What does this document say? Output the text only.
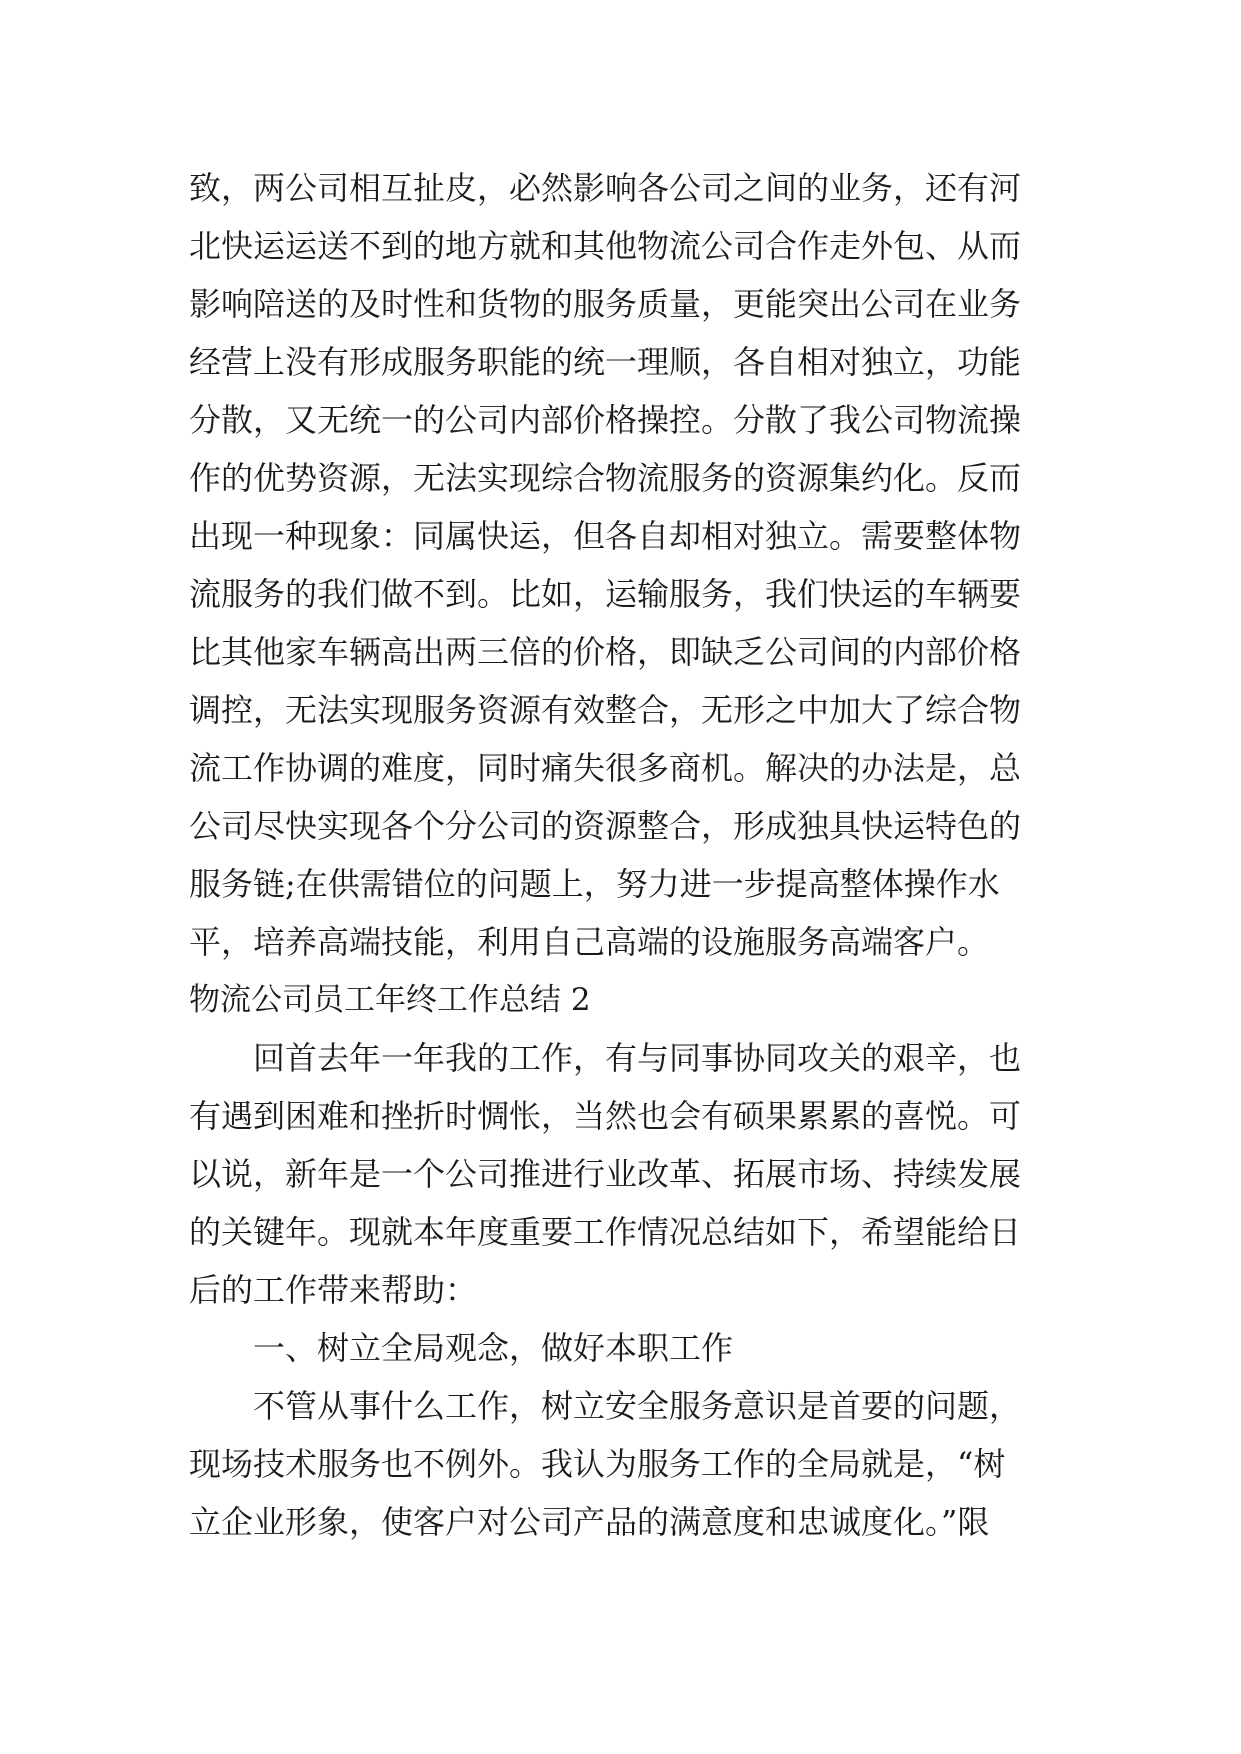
致，两公司相互扯皮，必然影响各公司之间的业务，还有河
北快运运送不到的地方就和其他物流公司合作走外包、从而
影响陪送的及时性和货物的服务质量，更能突出公司在业务
经营上没有形成服务职能的统一理顺，各自相对独立，功能
分散，又无统一的公司内部价格操控。分散了我公司物流操
作的优势资源，无法实现综合物流服务的资源集约化。反而
出现一种现象：同属快运，但各自却相对独立。需要整体物
流服务的我们做不到。比如，运输服务，我们快运的车辆要
比其他家车辆高出两三倍的价格，即缺乏公司间的内部价格
调控，无法实现服务资源有效整合，无形之中加大了综合物
流工作协调的难度，同时痛失很多商机。解决的办法是，总
公司尽快实现各个分公司的资源整合，形成独具快运特色的
服务链;在供需错位的问题上，努力进一步提高整体操作水
平，培养高端技能，利用自己高端的设施服务高端客户。
物流公司员工年终工作总结 2
回首去年一年我的工作，有与同事协同攻关的艰辛，也
有遇到困难和挫折时惆怅，当然也会有硕果累累的喜悦。可
以说，新年是一个公司推进行业改革、拓展市场、持续发展
的关键年。现就本年度重要工作情况总结如下，希望能给日
后的工作带来帮助：
一、树立全局观念，做好本职工作
不管从事什么工作，树立安全服务意识是首要的问题，
现场技术服务也不例外。我认为服务工作的全局就是，“树
立企业形象，使客户对公司产品的满意度和忠诚度化。”限
